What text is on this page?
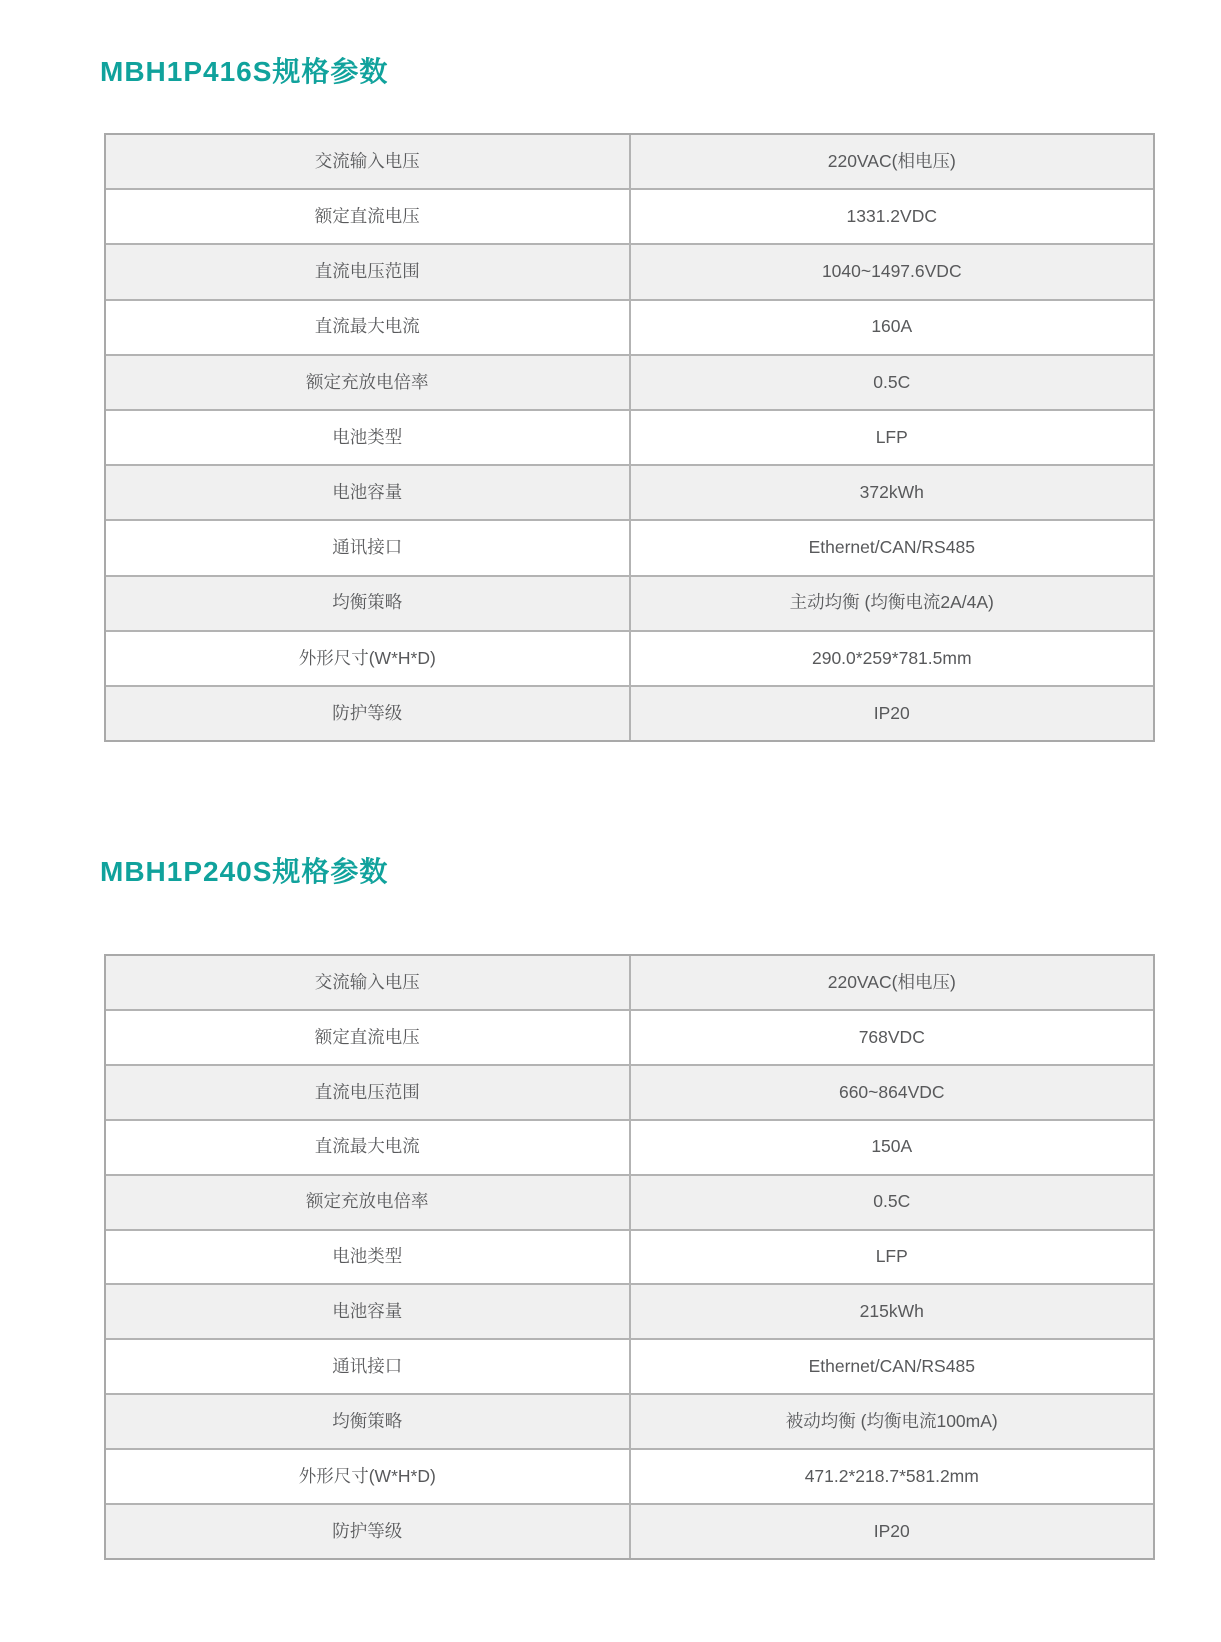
MBH1P416S规格参数
交流输入电压	220VAC(相电压)
额定直流电压	1331.2VDC
直流电压范围	1040~1497.6VDC
直流最大电流	160A
额定充放电倍率	0.5C
电池类型	LFP
电池容量	372kWh
通讯接口	Ethernet/CAN/RS485
均衡策略	主动均衡 (均衡电流2A/4A)
外形尺寸(W*H*D)	290.0*259*781.5mm
防护等级	IP20
MBH1P240S规格参数
交流输入电压	220VAC(相电压)
额定直流电压	768VDC
直流电压范围	660~864VDC
直流最大电流	150A
额定充放电倍率	0.5C
电池类型	LFP
电池容量	215kWh
通讯接口	Ethernet/CAN/RS485
均衡策略	被动均衡 (均衡电流100mA)
外形尺寸(W*H*D)	471.2*218.7*581.2mm
防护等级	IP20
